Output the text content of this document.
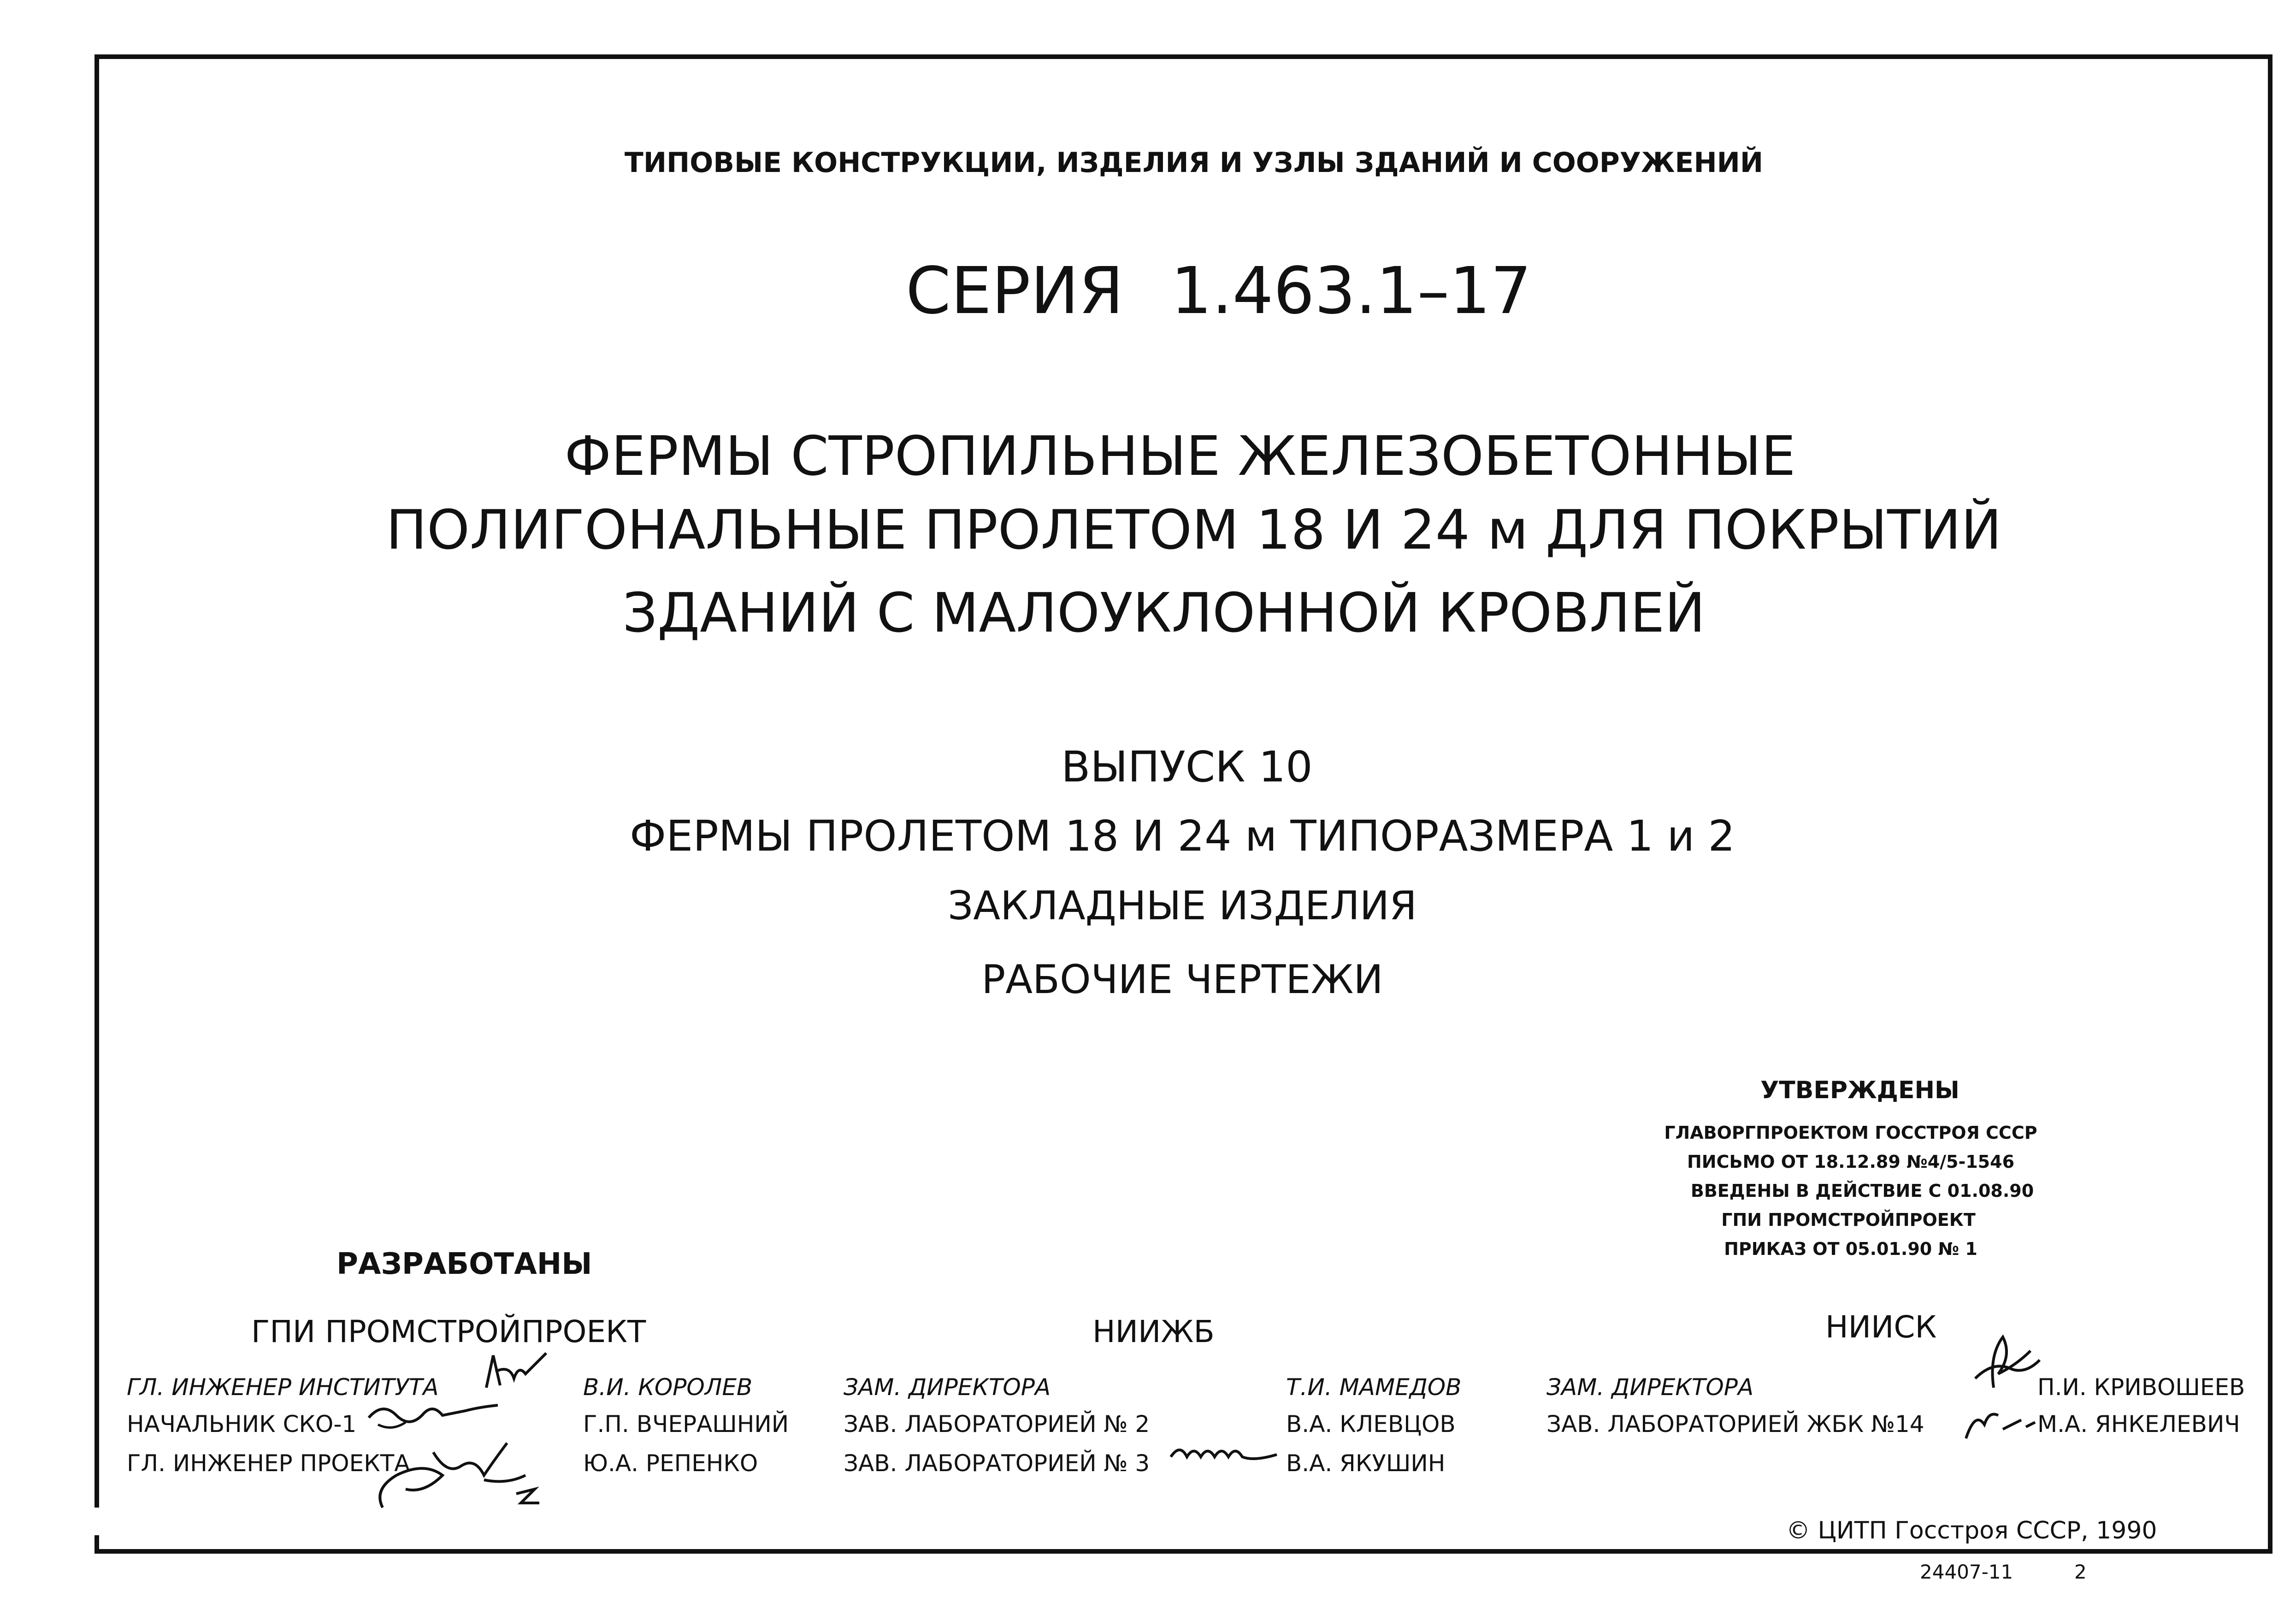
ТИПОВЫЕ КОНСТРУКЦИИ, ИЗДЕЛИЯ И УЗЛЫ ЗДАНИЙ И СООРУЖЕНИЙ
СЕРИЯ 1.463.1–17
ФЕРМЫ СТРОПИЛЬНЫЕ ЖЕЛЕЗОБЕТОННЫЕ
ПОЛИГОНАЛЬНЫЕ ПРОЛЕТОМ 18 И 24 м ДЛЯ ПОКРЫТИЙ
ЗДАНИЙ С МАЛОУКЛОННОЙ КРОВЛЕЙ
ВЫПУСК 10
ФЕРМЫ ПРОЛЕТОМ 18 И 24 м ТИПОРАЗМЕРА 1 и 2
ЗАКЛАДНЫЕ ИЗДЕЛИЯ
РАБОЧИЕ ЧЕРТЕЖИ
УТВЕРЖДЕНЫ
ГЛАВОРГПРОЕКТОМ ГОССТРОЯ СССР
ПИСЬМО ОТ 18.12.89 №4/5-1546
ВВЕДЕНЫ В ДЕЙСТВИЕ С 01.08.90
ГПИ ПРОМСТРОЙПРОЕКТ
ПРИКАЗ ОТ 05.01.90 № 1
РАЗРАБОТАНЫ
ГПИ ПРОМСТРОЙПРОЕКТ	НИИЖБ	НИИСК
ГЛ. ИНЖЕНЕР ИНСТИТУТА	В.И. КОРОЛЕВ
НАЧАЛЬНИК СКО-1	Г.П. ВЧЕРАШНИЙ
ГЛ. ИНЖЕНЕР ПРОЕКТА	Ю.А. РЕПЕНКО
ЗАМ. ДИРЕКТОРА	Т.И. МАМЕДОВ
ЗАВ. ЛАБОРАТОРИЕЙ № 2	В.А. КЛЕВЦОВ
ЗАВ. ЛАБОРАТОРИЕЙ № 3	В.А. ЯКУШИН
ЗАМ. ДИРЕКТОРА	П.И. КРИВОШЕЕВ
ЗАВ. ЛАБОРАТОРИЕЙ ЖБК №14	М.А. ЯНКЕЛЕВИЧ
© ЦИТП Госстроя СССР, 1990
24407-11	2
